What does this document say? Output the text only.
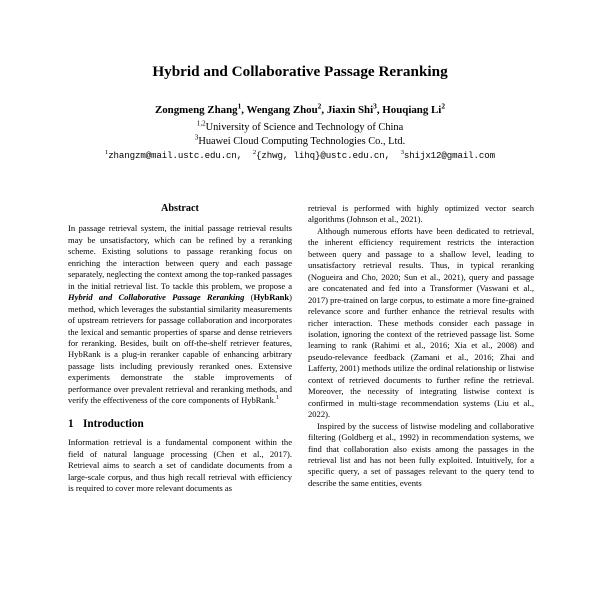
Hybrid and Collaborative Passage Reranking
Zongmeng Zhang$^1$, Wengang Zhou$^2$, Jiaxin Shi$^3$, Houqiang Li$^2$
$^{1,2}$University of Science and Technology of China
$^3$Huawei Cloud Computing Technologies Co., Ltd.
$^1$zhangzm@mail.ustc.edu.cn, $^2${zhwg, lihq}@ustc.edu.cn, $^3$shijx12@gmail.com
Abstract

In passage retrieval system, the initial passage retrieval results may be unsatisfactory, which can be refined by a reranking scheme. Existing solutions to passage reranking focus on enriching the interaction between query and each passage separately, neglecting the context among the top-ranked passages in the initial retrieval list. To tackle this problem, we propose a Hybrid and Collaborative Passage Reranking (HybRank) method, which leverages the substantial similarity measurements of upstream retrievers for passage collaboration and incorporates the lexical and semantic properties of sparse and dense retrievers for reranking. Besides, built on off-the-shelf retriever features, HybRank is a plug-in reranker capable of enhancing arbitrary passage lists including previously reranked ones. Extensive experiments demonstrate the stable improvements of performance over prevalent retrieval and reranking methods, and verify the effectiveness of the core components of HybRank.$^1$

1 Introduction

Information retrieval is a fundamental component within the field of natural language processing (Chen et al., 2017). Retrieval aims to search a set of candidate documents from a large-scale corpus, and thus high recall retrieval with efficiency is required to cover more relevant documents as

retrieval is performed with highly optimized vector search algorithms (Johnson et al., 2021).

Although numerous efforts have been dedicated to retrieval, the inherent efficiency requirement restricts the interaction between query and passage to a shallow level, leading to unsatisfactory retrieval results. Thus, in typical reranking (Nogueira and Cho, 2020; Sun et al., 2021), query and passage are concatenated and fed into a Transformer (Vaswani et al., 2017) pre-trained on large corpus, to estimate a more fine-grained relevance score and further enhance the retrieval results with richer interaction. These methods consider each passage in isolation, ignoring the context of the retrieved passage list. Some learning to rank (Rahimi et al., 2016; Xia et al., 2008) and pseudo-relevance feedback (Zamani et al., 2016; Zhai and Lafferty, 2001) methods utilize the ordinal relationship or listwise context of retrieved documents to further refine the retrieval. Moreover, the necessity of integrating listwise context is confirmed in multi-stage recommendation systems (Liu et al., 2022).

Inspired by the success of listwise modeling and collaborative filtering (Goldberg et al., 1992) in recommendation systems, we find that collaboration also exists among the passages in the retrieval list and has not been fully exploited. Intuitively, for a specific query, a set of passages relevant to the query tend to describe the same entities, events
